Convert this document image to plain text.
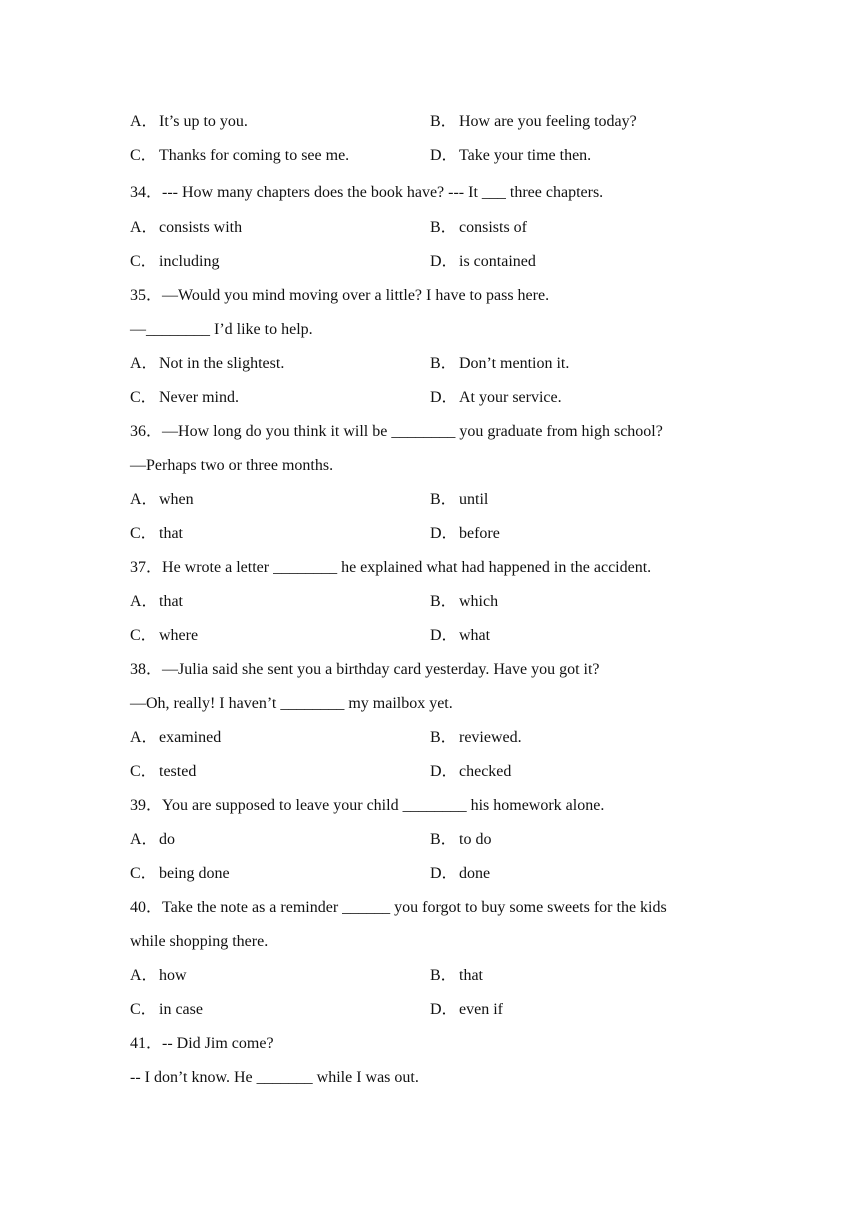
A． It’s up to you.	B． How are you feeling today?
C． Thanks for coming to see me.	D． Take your time then.
34．--- How many chapters does the book have? --- It ___ three chapters.
A． consists with	B． consists of
C． including	D． is contained
35．—Would you mind moving over a little? I have to pass here.
—________ I’d like to help.
A． Not in the slightest.	B． Don’t mention it.
C． Never mind.	D． At your service.
36．—How long do you think it will be ________ you graduate from high school?
—Perhaps two or three months.
A． when	B． until
C． that	D． before
37．He wrote a letter ________ he explained what had happened in the accident.
A． that	B． which
C． where	D． what
38．—Julia said she sent you a birthday card yesterday. Have you got it?
—Oh, really! I haven’t ________ my mailbox yet.
A． examined	B． reviewed.
C． tested	D． checked
39．You are supposed to leave your child ________ his homework alone.
A． do	B． to do
C． being done	D． done
40．Take the note as a reminder ______ you forgot to buy some sweets for the kids
while shopping there.
A． how	B． that
C． in case	D． even if
41．-- Did Jim come?
-- I don’t know. He _______ while I was out.
